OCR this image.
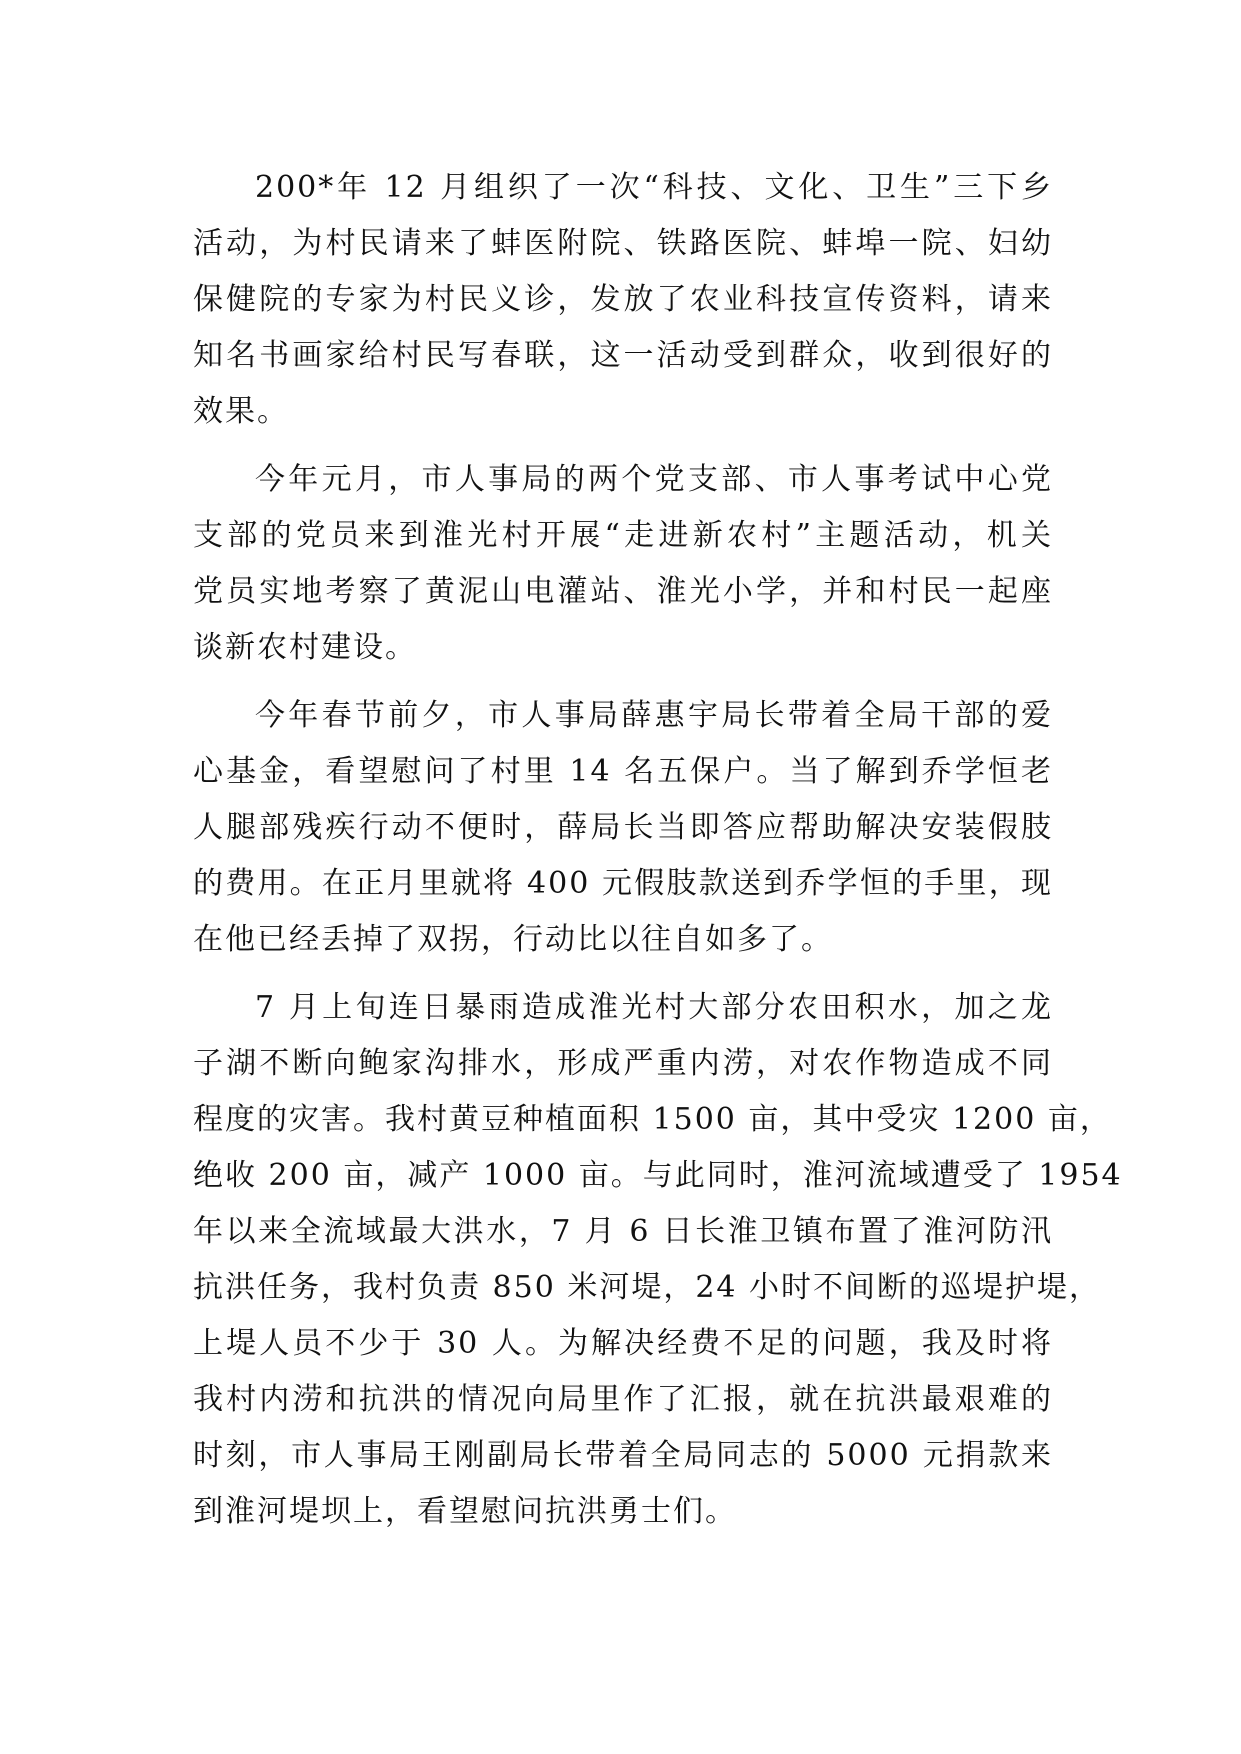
200*年 12 月组织了一次“科技、文化、卫生”三下乡
活动，为村民请来了蚌医附院、铁路医院、蚌埠一院、妇幼
保健院的专家为村民义诊，发放了农业科技宣传资料，请来
知名书画家给村民写春联，这一活动受到群众，收到很好的
效果。
今年元月，市人事局的两个党支部、市人事考试中心党
支部的党员来到淮光村开展“走进新农村”主题活动，机关
党员实地考察了黄泥山电灌站、淮光小学，并和村民一起座
谈新农村建设。
今年春节前夕，市人事局薛惠宇局长带着全局干部的爱
心基金，看望慰问了村里 14 名五保户。当了解到乔学恒老
人腿部残疾行动不便时，薛局长当即答应帮助解决安装假肢
的费用。在正月里就将 400 元假肢款送到乔学恒的手里，现
在他已经丢掉了双拐，行动比以往自如多了。
7 月上旬连日暴雨造成淮光村大部分农田积水，加之龙
子湖不断向鲍家沟排水，形成严重内涝，对农作物造成不同
程度的灾害。我村黄豆种植面积 1500 亩，其中受灾 1200 亩，
绝收 200 亩，减产 1000 亩。与此同时，淮河流域遭受了 1954
年以来全流域最大洪水，7 月 6 日长淮卫镇布置了淮河防汛
抗洪任务，我村负责 850 米河堤，24 小时不间断的巡堤护堤，
上堤人员不少于 30 人。为解决经费不足的问题，我及时将
我村内涝和抗洪的情况向局里作了汇报，就在抗洪最艰难的
时刻，市人事局王刚副局长带着全局同志的 5000 元捐款来
到淮河堤坝上，看望慰问抗洪勇士们。
